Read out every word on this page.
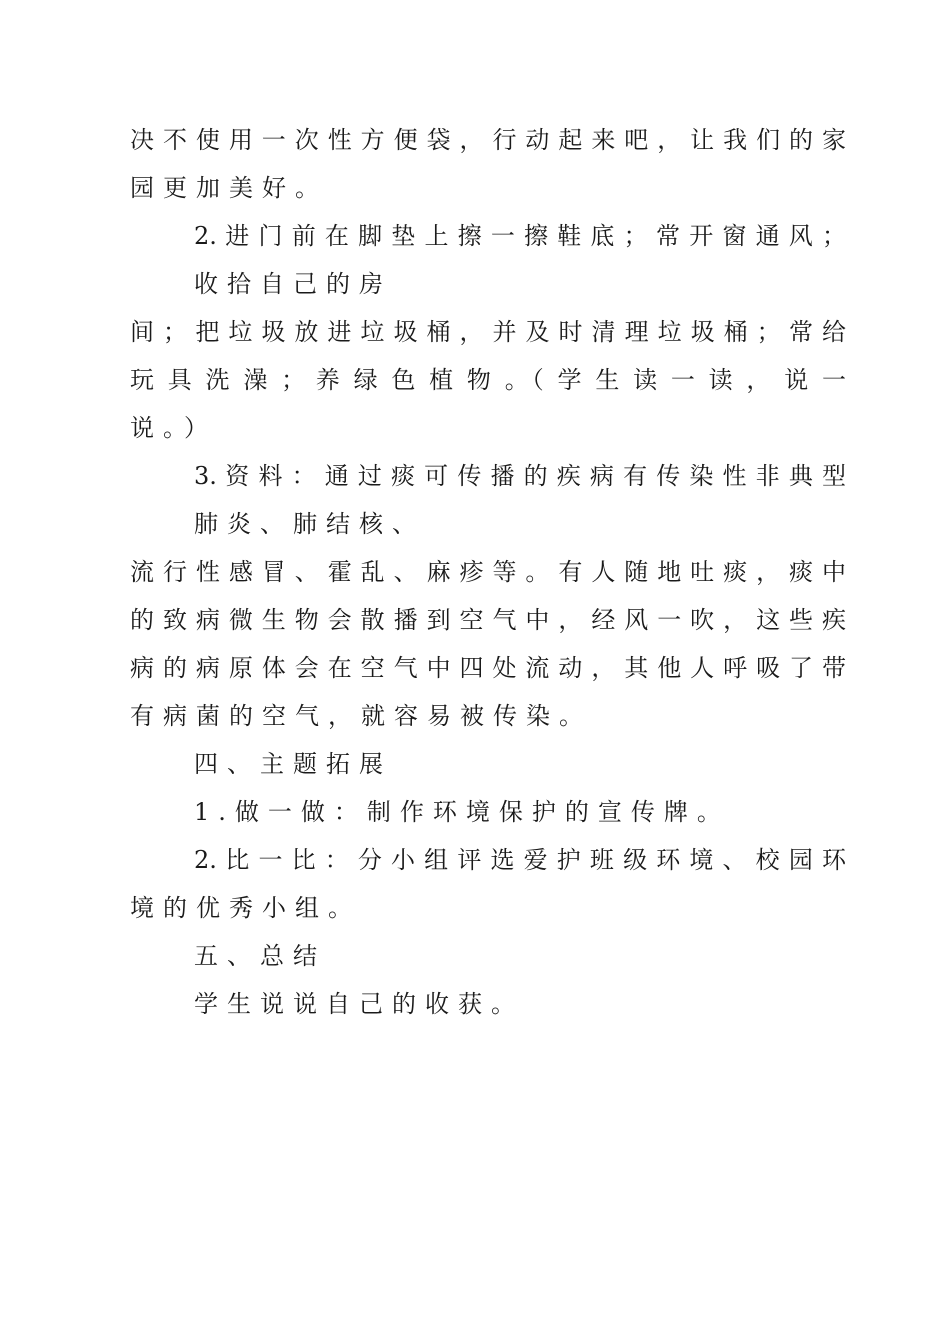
决 不 使 用 一 次 性 方 便 袋 ， 行 动 起 来 吧 ， 让 我 们 的 家
园更加美好。
2. 进 门 前 在 脚 垫 上 擦 一 擦 鞋 底 ； 常 开 窗 通 风 ；
收拾自己的房
间 ； 把 垃 圾 放 进 垃 圾 桶 ， 并 及 时 清 理 垃 圾 桶 ； 常 给
玩 具 洗 澡 ； 养 绿 色 植 物 。（ 学 生 读 一 读 ， 说 一
说。）
3. 资 料 ： 通 过 痰 可 传 播 的 疾 病 有 传 染 性 非 典 型
肺炎、肺结核、
流 行 性 感 冒 、 霍 乱 、 麻 疹 等 。 有 人 随 地 吐 痰 ， 痰 中
的 致 病 微 生 物 会 散 播 到 空 气 中 ， 经 风 一 吹 ， 这 些 疾
病 的 病 原 体 会 在 空 气 中 四 处 流 动 ， 其 他 人 呼 吸 了 带
有病菌的空气，就容易被传染。
四、主题拓展
1.做一做：制作环境保护的宣传牌。
2. 比 一 比 ： 分 小 组 评 选 爱 护 班 级 环 境 、 校 园 环
境的优秀小组。
五、总结
学生说说自己的收获。
